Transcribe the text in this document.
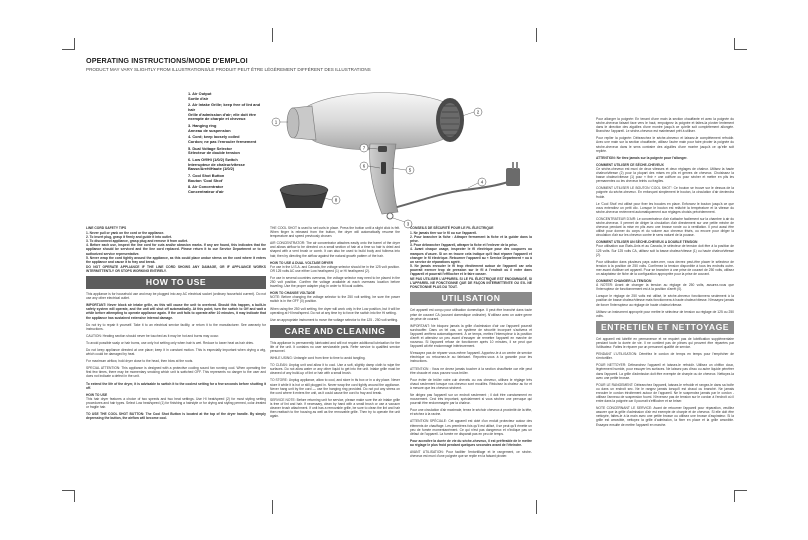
OPERATING INSTRUCTIONS/MODE D'EMPLOI
PRODUCT MAY VARY SLIGHTLY FROM ILLUSTRATIONS/LE PRODUIT PEUT ÊTRE LÉGÈREMENT DIFFÉRENT DES ILLUSTRATIONS
1. Air Output
Sortie d'air
2. Air Intake Grille; keep free of lint and hair
Grille d'admission d'air; elle doit être exempte de charpie et cheveux
3. Hanging ring
Anneau de suspension
4. Cord; keep loosely coiled
Cordon; ne pas l'enrouler fermement
5. Dual Voltage Selector
Sélecteur de double tension
6. Low Off/Hi (1/0/2) Switch
Interrupteur de chaleur/vitesse Basse/Arrêt/Haute (1/0/2)
7. Cool Shot Button
Bouton 'Cool Shot'
8. Air Concentrator
Concentrateur d'air
1
2
3
4
5
6
7
8

LINE CORD SAFETY TIPS

1. Never pull or yank on the cord or the appliance.
2. To insert plug, grasp it firmly and guide it into outlet.
3. To disconnect appliance, grasp plug and remove it from outlet.
4. Before each use, inspect the line cord for cuts and/or abrasion marks. If any are found, this indicates that the appliance should be serviced and the line cord replaced. Please return it to our Service Department or to an authorized service representative.
5. Never wrap the cord tightly around the appliance, as this could place undue stress on the cord where it enters the appliance and cause it to fray and break.

DO NOT OPERATE APPLIANCE IF THE LINE CORD SHOWS ANY DAMAGE, OR IF APPLIANCE WORKS INTERMITTENTLY OR STOPS WORKING ENTIRELY.

HOW TO USE

This appliance is for household use and may be plugged into any AC electrical socket (ordinary household current). Do not use any other electrical outlet.

IMPORTANT: Never block air intake grille, as this will cause the unit to overheat. Should this happen, a built-in safety system will operate, and the unit will shut off automatically. At this point, turn the switch to Off and wait a while before attempting to operate appliance again. If the unit fails to operate after 10 minutes, it may indicate that the appliance has sustained extensive internal damage.

Do not try to repair it yourself. Take it to an electrical service facility, or return it to the manufacturer. See warranty for instructions.

CAUTION: Heating section should never be touched as it may be hot and burns may occur.

To avoid possible scalp or hair burns, use only hot setting only when hair is wet. Reduce to lower heat as hair dries.

Do not keep appliance directed at one place; keep it in constant motion. This is especially important when drying a wig, which could be damaged by heat.

For maximum airflow, hold dryer close to the head, then blow at the roots.

SPECIAL ATTENTION: This appliance is designed with a protective cooling sound fan running cool. When operating the first few times, there may be momentary smoking which unit is switched OFF. This represents no danger to the user and does not indicate a defect in the unit.

To extend the life of the dryer, it is advisable to switch it to the coolest setting for a few seconds before shutting it off.

HOW TO USE

This hair dryer features a choice of two speeds and two heat settings. Use Hi heat/speed (2) for most styling setting procedures and hair types. Select Low heat/speed (1) for finishing a hairstyle or for drying and styling permed, color-treated or fragile hair.

TO USE THE COOL SHOT BUTTON: The Cool Shot Button is located at the top of the dryer handle. By simply depressing the button, the airflow will become cool.

THE COOL SHOT is used to set curls in place. Press the button until a slight click is felt. When finger is released from the button, the dryer will automatically resume the temperature and speed previously chosen.

AIR CONCENTRATOR: The air concentrator attaches easily onto the barrel of the dryer and allows airflow to be directed on a small section of hair at a time so hair is dried and shaped with a vent brush or comb. It can also be used to build body and fullness into hair, then by directing the airflow against the natural growth pattern of the hair.

HOW TO USE A DUAL VOLTAGE DRYER

For use in the U.S.A. and Canada, the voltage selector should be in the 125 volt position. OR 125 volts AC use either Low heat/speed (1) or Hi heat/speed (2).

For use in several countries overseas, the voltage selector may need to be placed in the 250 volt position. Confirm the voltage available at each overseas location before traveling. Use the proper adapter plug in order to fit local outlets.

HOW TO CHANGE VOLTAGE

NOTE: Before changing the voltage selector to the 250 volt setting, be sure the power switch is in the OFF (0) position.

When using the 250 volt setting, the dryer will work only in the Low position, but it will be operating at Hi heat/speed. Do not at any time try to force the switch into the Hi setting.

Use an appropriate instrument to move the voltage selector to the 125 - 250 volt setting.

CARE AND CLEANING

This appliance is permanently lubricated and will not require additional lubrication for the life of the unit. It contains no user serviceable parts. Refer service to qualified service personnel.

WHILE USING: Untangle cord from time to time to avoid tangling.

TO CLEAN: Unplug unit and allow it to cool. Use a soft, slightly damp cloth to wipe the surfaces. Do not allow water or any other liquid to get into the unit. Intake grille must be cleaned of any build-up of lint or hair with a small brush.

TO STORE: Unplug appliance, allow to cool, and store in its box or in a dry place. Never store it while it is hot or still plugged in. Never wrap the cord tightly around the appliance. Never hang unit by the cord — use the hanging ring provided. Do not put any stress on the cord where it enters the unit, as it could cause the cord to fray and break.

SERVICE NOTE: Before returning unit for service, please make sure the air intake grille is free of lint and hair. If necessary, clean by hand with a small brush or use a vacuum cleaner brush attachment. If unit has a removable grille, be sure to clean the lint and hair then reattach to the housing as well as the removable grille. Then try to operate the unit again.

CONSEILS DE SÉCURITÉ POUR LE FIL ÉLECTRIQUE

1. Ne jamais tirer sur le fil ou sur l'appareil.
2. Pour brancher la fiche : Attraper fermement la fiche et la guider dans la prise.
3. Pour débrancher l'appareil, attraper la fiche et l'enlever de la prise.
4. Avant chaque usage, inspecter le fil électrique pour des coupures ou marques d'usure. Si on en trouve cela indique qu'il faut réparer l'appareil et changer le fil électrique. Retourner l'appareil au « Service Department » ou à un service de réparations agréé.
5. Ne jamais enrouler le fil trop étroitement autour de l'appareil car cela pourrait exercer trop de pression sur le fil à l'endroit où il entre dans l'appareil et pourrait l'effilocher et le faire casser.

NE PAS UTILISER L'APPAREIL SI LE FIL ÉLECTRIQUE EST ENDOMMAGÉ, SI L'APPAREIL NE FONCTIONNE QUE DE FAÇON INTERMITTENTE OU S'IL NE FONCTIONNE PLUS DU TOUT.

UTILISATION

Cet appareil est conçu pour utilisation domestique. Il peut être branché dans toute prise de courant CA (courant domestique ordinaire). N'utilisez avec un autre genre de prise de courant.

IMPORTANT: Ne bloquez jamais la grille d'admission d'air car l'appareil pourrait surchauffer. Dans un tel cas, un système de sécurité incorporé s'activera et l'appareil arrêtera automatiquement. À ce temps, mettez l'interrupteur à la position d'arrêt et attendez un peu avant d'essayer de remettre l'appareil en marche de nouveau. Si l'appareil refuse de fonctionner après 10 minutes, il se peut que l'appareil ait été endommagé intérieurement.

N'essayez pas de réparer vous-même l'appareil. Apportez-le à un centre de service électrique ou retournez-le au fabricant. Reportez-vous à la garantie pour les instructions.

ATTENTION : Vous ne devez jamais toucher à la section chauffante car elle peut être chaude et vous pouvez vous brûler.

Pour éviter de brûler votre cuir chevelu ou vos cheveux, utilisez le réglage très chaud seulement lorsque vos cheveux sont mouillés. Réduisez la chaleur au fur et à mesure que les cheveux sèchent.

Ne dirigez pas l'appareil sur un endroit seulement ; il doit être constamment en mouvement. Ceci très important, spécialement si vous séchez une perruque qui pourrait être endommagée par la chaleur.

Pour une circulation d'air maximale, tenez le séchoir cheveux à proximité de la tête, et séchez à la racine.

ATTENTION SPÉCIALE: Cet appareil est doté d'un enduit protecteur autour des éléments de chauffage. Les premières fois qu'il est utilisé, il se peut qu'il émette un peu de fumée momentanément. Ce qui n'est pas dangereux et n'indique pas un défaut de l'appareil. La fumée ne disparait pas en peu de temps.

Pour accroître la durée de vie du sèche-cheveux, il est préférable de le mettre au réglage le plus froid pendant quelques secondes avant de l'éteindre.

AVANT UTILISATION: Pour faciliter l'entortillage et le rangement, ce sèche-cheveux est muni d'une poignée que se replie en la faisant pivoter.

Pour allonger la poignée: En tenant d'une main la section chauffante et avec la poignée du sèche-cheveux faisant face vers le haut, empoignez la poignée et faites-la pivoter lentement dans le direction des aiguilles d'une montre jusqu'à ce qu'elle soit complètement allongée. Branchez l'appareil. Le sèche-cheveux est maintenant prêt à utiliser.

Pour replier la poignée: Débranchez le sèche-cheveux et laissez-le complètement refroidir. Avec une main sur la section chauffante, utilisez l'autre main pour faire pivoter la poignée du sèche-cheveux dans le sens contraire des aiguilles d'une montre jusqu'à ce qu'elle soit repliée.

ATTENTION: Ne tirez jamais sur la poignée pour l'allonger.

COMMENT UTILISER CE SÉCHE-CHEVEUX

Ce sèche-cheveux est muni de deux vitesses et deux réglages de chaleur. Utilisez la haute chaleur/vitesse (2) pour la plupart des mises en plis et genres de cheveux. Choisissez la basse chaleur/vitesse (1) pour « finir » une coiffure ou pour sécher et mettre en plis les permanentes ou les cheveux teints ou fragiles.

COMMENT UTILISER LE BOUTON 'COOL SHOT': Ce bouton se trouve sur le dessus de la poignée du sèche-cheveux. En enfonçant simplement le bouton, la circulation d'air deviendra froide.

Le 'Cool Shot' est utilisé pour fixer les boucles en place. Enfoncez le bouton jusqu'à ce que vous entendiez un petit clic. Lorsque le bouton est relâché la température et la vitesse du sèche-cheveux reviennent automatiquement aux réglages choisis précédemment.

CONCENTRATEUR D'AIR: Le concentrateur d'air s'attache facilement sur la chambre à air du sèche-cheveux. Il permet de diriger la circulation d'air directement sur une petite mèche de cheveux pendant la mise en plis avec une brosse ronde ou à ventilation. Il peut aussi être utilisé pour donner du corps et du volume aux cheveux frisés, ou encore pour diriger la circulation d'air sur les cheveux contre le sens naturel de la pousse.

COMMENT UTILISER UN SÈCHE-CHEVEUX A DOUBLE TENSION

Pour utilisation aux États-Unis et au Canada, le sélecteur de tension doit être à la position de 125 volts. Sur 125 volts CA, utilisez soit la basse chaleur/vitesse (1) ou haute chaleur/vitesse (2).

Pour utilisation dans plusieurs pays outre-mer, vous devrez peut-être placer le sélecteur de tension à la position de 250 volts. Confirmez la tension disponible à tous les endroits outre-mer avant d'utiliser cet appareil. Pour se brancher à une prise de courant de 250 volts, utilisez un adaptateur de fiche de la configuration appropriée pour la prise de courant.

COMMENT CHANGER LA TENSION

À NOTER: Avant de changer la tension au réglage de 250 volts, assurez-vous que l'interrupteur de fonctionnement est à la position d'arrêt (0).

Lorsque le réglage de 250 volts est utilisé, le sèche-cheveux fonctionnera seulement à la position de basse chaleur/vitesse mais fonctionnera à haute chaleur/vitesse. N'essayez jamais de forcer l'interrupteur au réglage de haute chaleur/vitesse.

Utilisez un instrument approprié pour mettre le sélecteur de tension au réglage de 125 ou 250 volts.

ENTRETIEN ET NETTOYAGE

Cet appareil est lubrifié en permanence et ne requiert pas de lubrification supplémentaire pendant toute la durée de vie. Il ne contient pas de pièces qui peuvent être réparées par l'utilisateur. Faites le réparer par un personnel qualifié de service.

PENDANT L'UTILISATION: Démêlez le cordon de temps en temps pour l'empêcher de s'entortiller.

POUR NETTOYER: Débranchez l'appareil et laissez-le refroidir. Utilisez un chiffon doux, légèrement humide, pour essuyer les surfaces. Ne laissez pas d'eau ou autre liquide pénétrer dans l'appareil. La grille d'admission doit être exempte de charpie ou de cheveux. Nettoyez-la avec une petite brosse.

POUR LE RANGEMENT: Débranchez l'appareil, laissez-le refroidir et rangez-le dans sa boîte ou dans un endroit sec. Ne le rangez jamais lorsqu'il est chaud ou branché. Ne jamais enrouler le cordon étroitement autour de l'appareil. Ne le suspendez jamais par le cordon - utilisez l'anneau de suspension fourni. N'exercez pas de tension sur le cordon à l'endroit où il entre dans la poignée car il pourrait s'effilocher et se briser.

NOTE CONCERNANT LE SERVICE: Avant de retourner l'appareil pour réparation, veuillez assurer que la grille d'admission d'air est exempte de charpie et de cheveux. Si elle doit être nettoyée, faites-le à la main avec une petite brosse ou utilisez une brosse d'aspirateur. Si la grille est amovible, nettoyez la grille d'admission, la fixer en place et la grille amovible. Essayez ensuite de mettre l'appareil en marche.
